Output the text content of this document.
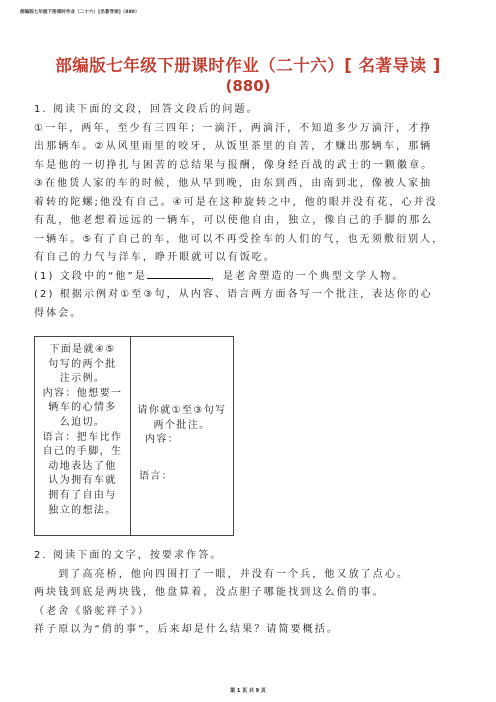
部编版七年级下册课时作业（二十六）[名著导读]（880）
部编版七年级下册课时作业（二十六）[ 名著导读 ]
(880)
1. 阅读下面的文段，回答文段后的问题。
①一年，两年，至少有三四年；一滴汗，两滴汗，不知道多少万滴汗，才挣
出那辆车。②从风里雨里的咬牙，从饭里茶里的自苦，才赚出那辆车，那辆
车是他的一切挣扎与困苦的总结果与报酬，像身经百战的武士的一颗徽章。
③在他赁人家的车的时候，他从早到晚，由东到西，由南到北，像被人家抽
着转的陀螺;他没有自己。④可是在这种旋转之中，他的眼并没有花，心并没
有乱，他老想着远远的一辆车，可以使他自由，独立，像自己的手脚的那么
一辆车。⑤有了自己的车，他可以不再受拴车的人们的气，也无须敷衍别人，
有自己的力气与洋车，睁开眼就可以有饭吃。
(1) 文段中的“他”是	，是老舍塑造的一个典型文学人物。
(2) 根据示例对①至③句，从内容、语言两方面各写一个批注，表达你的心
得体会。
下面是就④⑤
句写的两个批
注示例。
内容：他想要一
辆车的心情多
么迫切。
语言：把车比作
自己的手脚，生
动地表达了他
认为拥有车就
拥有了自由与
独立的想法。
请你就①至③句写
两个批注。
内容：
语言：
2. 阅读下面的文字，按要求作答。
　　到了高亮桥，他向四围打了一眼，并没有一个兵，他又放了点心。
两块钱到底是两块钱，他盘算着，没点胆子哪能找到这么俏的事。
（老舍《骆驼祥子》）
祥子原以为“俏的事”，后来却是什么结果？请简要概括。
第 1 页 共 9 页
